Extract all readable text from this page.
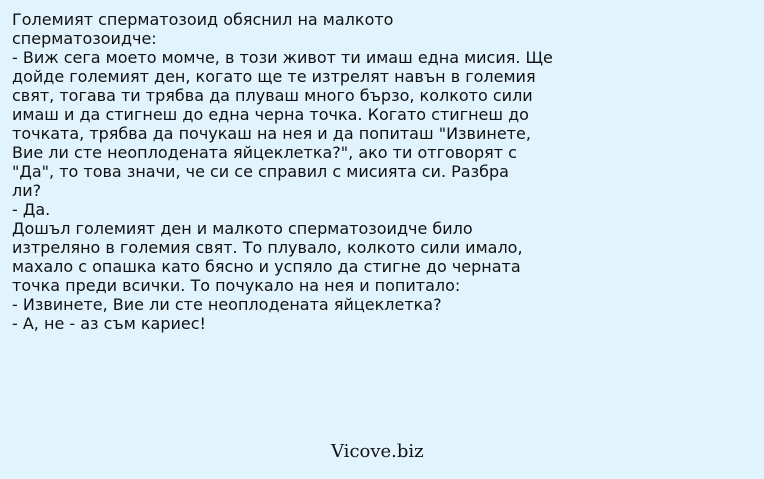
Големият сперматозоид обяснил на малкото
сперматозоидче:
- Виж сега моето момче, в този живот ти имаш една мисия. Ще
дойде големият ден, когато ще те изтрелят навън в големия
свят, тогава ти трябва да плуваш много бързо, колкото сили
имаш и да стигнеш до една черна точка. Когато стигнеш до
точката, трябва да почукаш на нея и да попиташ "Извинете,
Вие ли сте неоплодената яйцеклетка?", ако ти отговорят с
"Да", то това значи, че си се справил с мисията си. Разбра
ли?
- Да.
Дошъл големият ден и малкото сперматозоидче било
изтреляно в големия свят. То плувало, колкото сили имало,
махало с опашка като бясно и успяло да стигне до черната
точка преди всички. То почукало на нея и попитало:
- Извинете, Вие ли сте неоплодената яйцеклетка?
- А, не - аз съм кариес!
Vicove.biz
